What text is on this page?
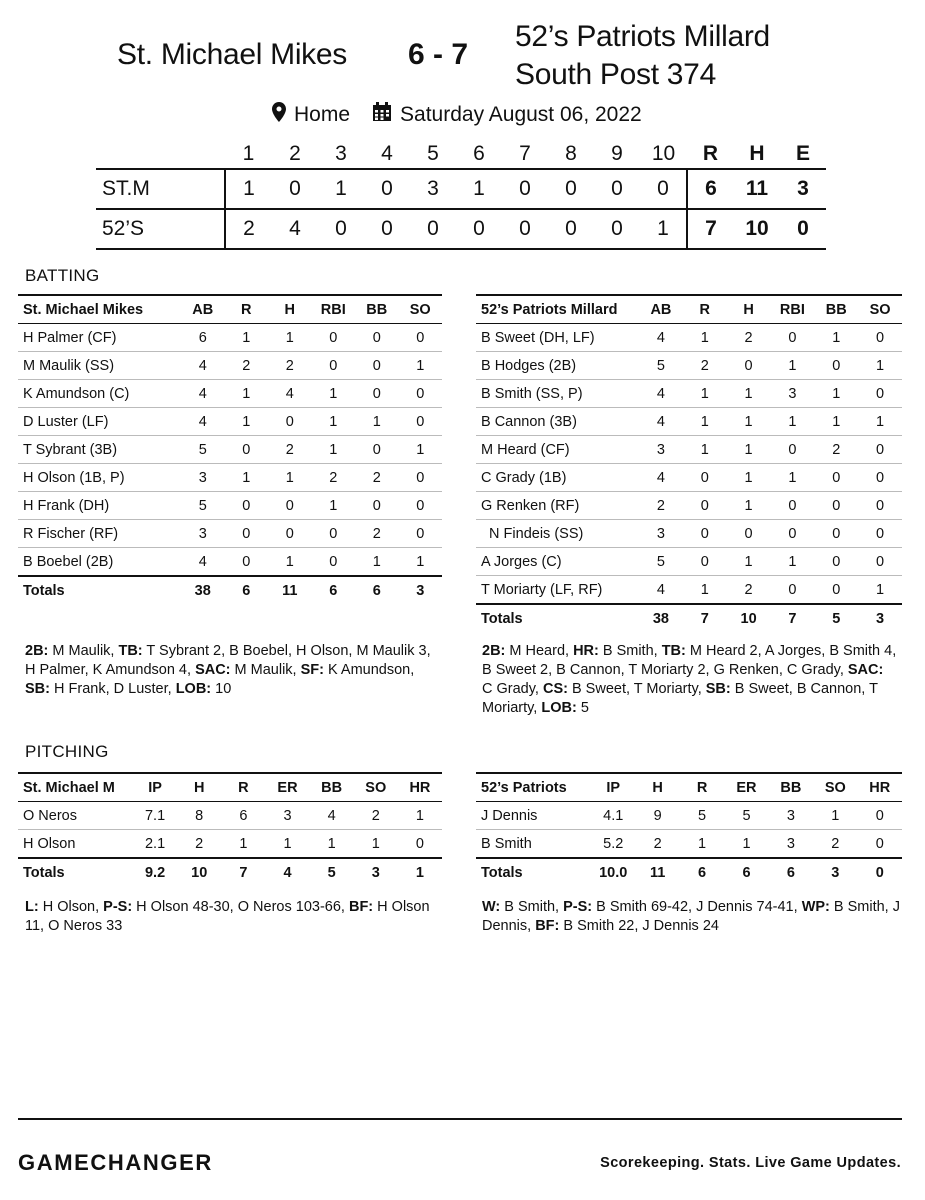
St. Michael Mikes 6 - 7
52’s Patriots Millard South Post 374
Home Saturday August 06, 2022
	1	2	3	4	5	6	7	8	9	10	R	H	E
ST.M	1	0	1	0	3	1	0	0	0	0	6	11	3
52’S	2	4	0	0	0	0	0	0	0	1	7	10	0
BATTING
St. Michael Mikes	AB	R	H	RBI	BB	SO
H Palmer (CF)	6	1	1	0	0	0
M Maulik (SS)	4	2	2	0	0	1
K Amundson (C)	4	1	4	1	0	0
D Luster (LF)	4	1	0	1	1	0
T Sybrant (3B)	5	0	2	1	0	1
H Olson (1B, P)	3	1	1	2	2	0
H Frank (DH)	5	0	0	1	0	0
R Fischer (RF)	3	0	0	0	2	0
B Boebel (2B)	4	0	1	0	1	1
Totals	38	6	11	6	6	3
52’s Patriots Millard	AB	R	H	RBI	BB	SO
B Sweet (DH, LF)	4	1	2	0	1	0
B Hodges (2B)	5	2	0	1	0	1
B Smith (SS, P)	4	1	1	3	1	0
B Cannon (3B)	4	1	1	1	1	1
M Heard (CF)	3	1	1	0	2	0
C Grady (1B)	4	0	1	1	0	0
G Renken (RF)	2	0	1	0	0	0
N Findeis (SS)	3	0	0	0	0	0
A Jorges (C)	5	0	1	1	0	0
T Moriarty (LF, RF)	4	1	2	0	0	1
Totals	38	7	10	7	5	3
2B: M Maulik, TB: T Sybrant 2, B Boebel, H Olson, M Maulik 3, H Palmer, K Amundson 4, SAC: M Maulik, SF: K Amundson, SB: H Frank, D Luster, LOB: 10
2B: M Heard, HR: B Smith, TB: M Heard 2, A Jorges, B Smith 4, B Sweet 2, B Cannon, T Moriarty 2, G Renken, C Grady, SAC: C Grady, CS: B Sweet, T Moriarty, SB: B Sweet, B Cannon, T Moriarty, LOB: 5
PITCHING
St. Michael M	IP	H	R	ER	BB	SO	HR
O Neros	7.1	8	6	3	4	2	1
H Olson	2.1	2	1	1	1	1	0
Totals	9.2	10	7	4	5	3	1
52’s Patriots	IP	H	R	ER	BB	SO	HR
J Dennis	4.1	9	5	5	3	1	0
B Smith	5.2	2	1	1	3	2	0
Totals	10.0	11	6	6	6	3	0
L: H Olson, P-S: H Olson 48-30, O Neros 103-66, BF: H Olson 11, O Neros 33
W: B Smith, P-S: B Smith 69-42, J Dennis 74-41, WP: B Smith, J Dennis, BF: B Smith 22, J Dennis 24
GAMECHANGER	Scorekeeping. Stats. Live Game Updates.
